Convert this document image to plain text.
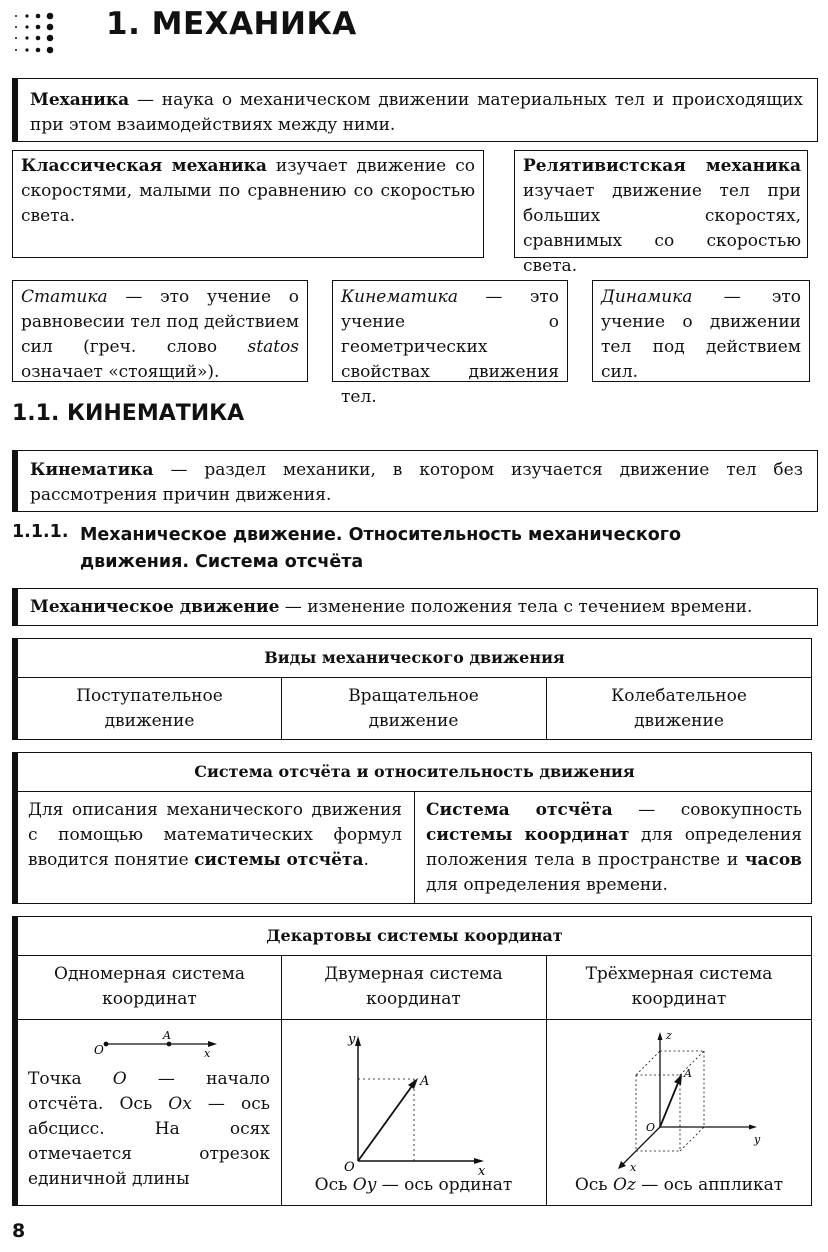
1. МЕХАНИКА
Механика — наука о механическом движении материальных тел и происходящих при этом взаимодействиях между ними.
Классическая механика изучает движение со скоростями, малыми по сравнению со скоростью света.
Релятивистская механика изучает движение тел при больших скоростях, сравнимых со скоростью света.
Статика — это учение о равновесии тел под действием сил (греч. слово statos означает «стоящий»).
Кинематика — это учение о геометрических свойствах движения тел.
Динамика — это учение о движении тел под действием сил.
1.1. КИНЕМАТИКА
Кинематика — раздел механики, в котором изучается движение тел без рассмотрения причин движения.
1.1.1. Механическое движение. Относительность механического
движения. Система отсчёта
Механическое движение — изменение положения тела с течением времени.
Виды механического движения
Поступательное
движение
Вращательное
движение
Колебательное
движение
Система отсчёта и относительность движения
Для описания механического движения с помощью математических формул вводится понятие системы отсчёта.
Система отсчёта — совокупность системы координат для определения положения тела в пространстве и часов для определения времени.
Декартовы системы координат
Одномерная система
координат
Двумерная система
координат
Трёхмерная система
координат
O
A
x
Точка O — начало отсчёта. Ось Ox — ось абсцисс. На осях отмечается отрезок единичной длины
y
A
O	x
Ось Oy — ось ординат
z
A
O
y
x
Ось Oz — ось аппликат
8
